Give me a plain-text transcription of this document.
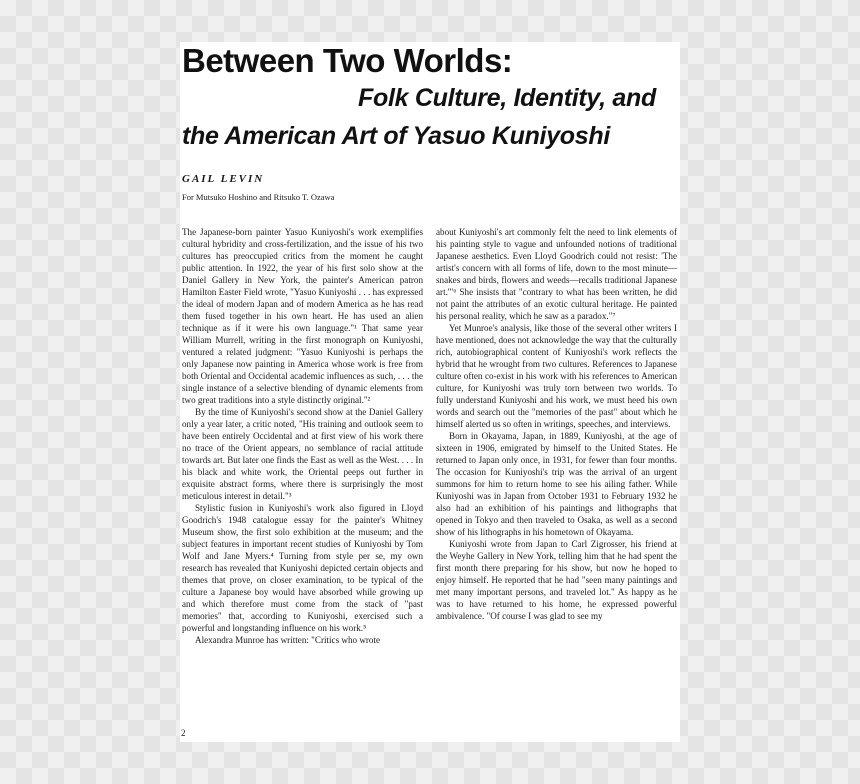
Between Two Worlds:
Folk Culture, Identity, and
the American Art of Yasuo Kuniyoshi
GAIL LEVIN
For Mutsuko Hoshino and Ritsuko T. Ozawa

The Japanese-born painter Yasuo Kuniyoshi's work exemplifies cultural hybridity and cross-fertilization, and the issue of his two cultures has preoccupied critics from the moment he caught public attention. In 1922, the year of his first solo show at the Daniel Gallery in New York, the painter's American patron Hamilton Easter Field wrote, "Yasuo Kuniyoshi . . . has expressed the ideal of modern Japan and of modern America as he has read them fused together in his own heart. He has used an alien technique as if it were his own language."¹ That same year William Murrell, writing in the first monograph on Kuniyoshi, ventured a related judgment: "Yasuo Kuniyoshi is perhaps the only Japanese now painting in America whose work is free from both Oriental and Occidental academic influences as such, . . . the single instance of a selective blending of dynamic elements from two great traditions into a style distinctly original."²

By the time of Kuniyoshi's second show at the Daniel Gallery only a year later, a critic noted, "His training and outlook seem to have been entirely Occidental and at first view of his work there no trace of the Orient appears, no semblance of racial attitude towards art. But later one finds the East as well as the West. . . . In his black and white work, the Oriental peeps out further in exquisite abstract forms, where there is surprisingly the most meticulous interest in detail."³

Stylistic fusion in Kuniyoshi's work also figured in Lloyd Goodrich's 1948 catalogue essay for the painter's Whitney Museum show, the first solo exhibition at the museum; and the subject features in important recent studies of Kuniyoshi by Tom Wolf and Jane Myers.⁴ Turning from style per se, my own research has revealed that Kuniyoshi depicted certain objects and themes that prove, on closer examination, to be typical of the culture a Japanese boy would have absorbed while growing up and which therefore must come from the stack of "past memories" that, according to Kuniyoshi, exercised such a powerful and longstanding influence on his work.⁵

Alexandra Munroe has written: "Critics who wrote

about Kuniyoshi's art commonly felt the need to link elements of his painting style to vague and unfounded notions of traditional Japanese aesthetics. Even Lloyd Goodrich could not resist: 'The artist's concern with all forms of life, down to the most minute—snakes and birds, flowers and weeds—recalls traditional Japanese art.'"⁶ She insists that "contrary to what has been written, he did not paint the attributes of an exotic cultural heritage. He painted his personal reality, which he saw as a paradox."⁷

Yet Munroe's analysis, like those of the several other writers I have mentioned, does not acknowledge the way that the culturally rich, autobiographical content of Kuniyoshi's work reflects the hybrid that he wrought from two cultures. References to Japanese culture often co-exist in his work with his references to American culture, for Kuniyoshi was truly torn between two worlds. To fully understand Kuniyoshi and his work, we must heed his own words and search out the "memories of the past" about which he himself alerted us so often in writings, speeches, and interviews.

Born in Okayama, Japan, in 1889, Kuniyoshi, at the age of sixteen in 1906, emigrated by himself to the United States. He returned to Japan only once, in 1931, for fewer than four months. The occasion for Kuniyoshi's trip was the arrival of an urgent summons for him to return home to see his ailing father. While Kuniyoshi was in Japan from October 1931 to February 1932 he also had an exhibition of his paintings and lithographs that opened in Tokyo and then traveled to Osaka, as well as a second show of his lithographs in his hometown of Okayama.

Kuniyoshi wrote from Japan to Carl Zigrosser, his friend at the Weyhe Gallery in New York, telling him that he had spent the first month there preparing for his show, but now he hoped to enjoy himself. He reported that he had "seen many paintings and met many important persons, and traveled lot." As happy as he was to have returned to his home, he expressed powerful ambivalence. "Of course I was glad to see my

2
